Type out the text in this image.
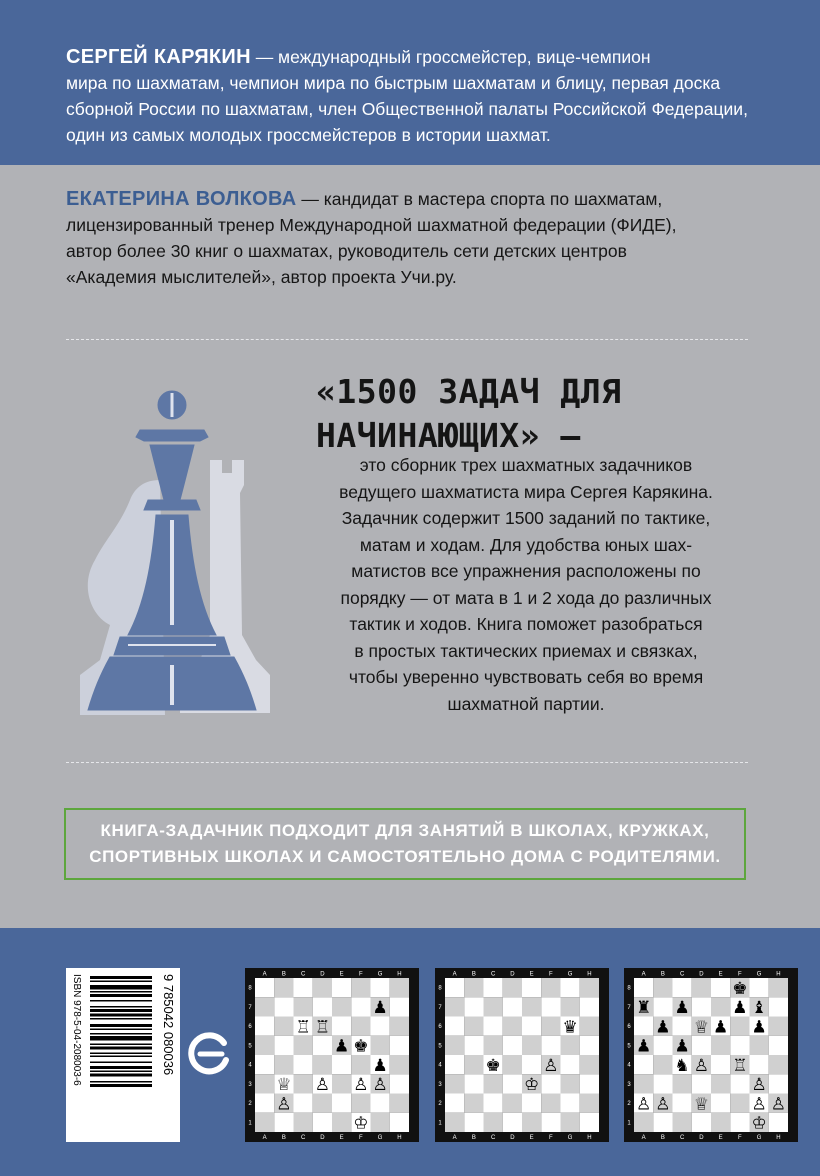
СЕРГЕЙ КАРЯКИН — международный гроссмейстер, вице-чемпион
мира по шахматам, чемпион мира по быстрым шахматам и блицу, первая доска
сборной России по шахматам, член Общественной палаты Российской Федерации,
один из самых молодых гроссмейстеров в истории шахмат.
ЕКАТЕРИНА ВОЛКОВА — кандидат в мастера спорта по шахматам,
лицензированный тренер Международной шахматной федерации (ФИДЕ),
автор более 30 книг о шахматах, руководитель сети детских центров
«Академия мыслителей», автор проекта Учи.ру.
«1500 ЗАДАЧ ДЛЯ
НАЧИНАЮЩИХ» —
это сборник трех шахматных задачников
ведущего шахматиста мира Сергея Карякина.
Задачник содержит 1500 заданий по тактике,
матам и ходам. Для удобства юных шах-
матистов все упражнения расположены по
порядку — от мата в 1 и 2 хода до различных
тактик и ходов. Книга поможет разобраться
в простых тактических приемах и связках,
чтобы уверенно чувствовать себя во время
шахматной партии.
КНИГА-ЗАДАЧНИК ПОДХОДИТ ДЛЯ ЗАНЯТИЙ В ШКОЛАХ, КРУЖКАХ,
СПОРТИВНЫХ ШКОЛАХ И САМОСТОЯТЕЛЬНО ДОМА С РОДИТЕЛЯМИ.
ISBN 978-5-04-208003-6	9 785042 080036	A
A
B
B
C
C
D
D
E
E
F
F
G
G
H
H
8
7
6
5
4
3
2
1
♟
♖ ♖
♟ ♚
♟
♕ ♙ ♙ ♙
♙
♔
A
A
B
B
C
C
D
D
E
E
F
F
G
G
H
H
8
7
6
5
4
3
2
1
♛
♚	♙
♔
A
A
B
B
C
C
D
D
E
E
F
F
G
G
H
H
8
7
6
5
4
3
2
1
♚
♜	♟ ♝
♟
♕ ♟
♟	♟
♟ ♟
♞ ♙ ♖
♙
♙ ♙ ♕	♙ ♙
♔
